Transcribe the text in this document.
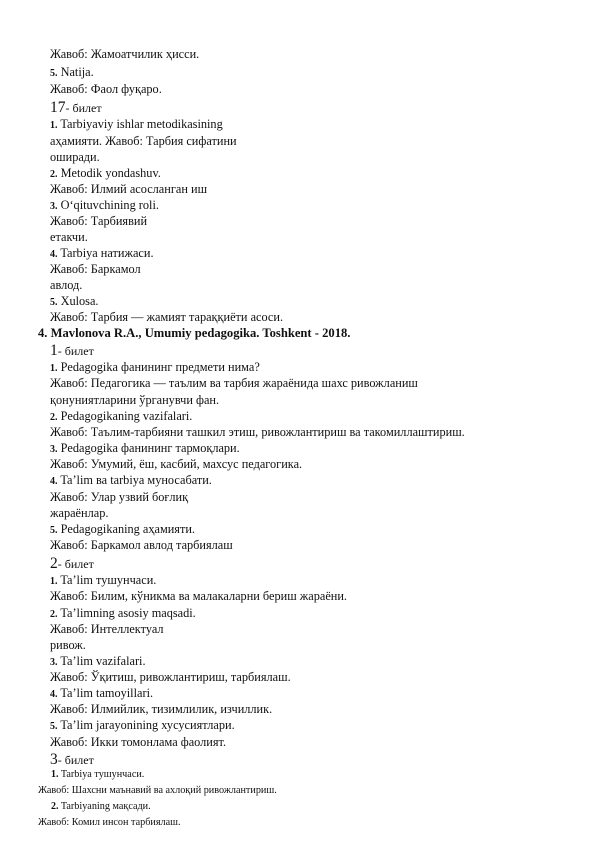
Жавоб: Жамоатчилик ҳисси.
5. Natija.
Жавоб: Фаол фуқаро.
17- билет
1. Tarbiyaviy ishlar metodikasining
аҳамияти. Жавоб: Тарбия сифатини
оширади.
2. Metodik yondashuv.
Жавоб: Илмий асосланган иш
3. O‘qituvchining roli.
Жавоб: Тарбиявий
етакчи.
4. Tarbiya натижаси.
Жавоб: Баркамол
авлод.
5. Xulosa.
Жавоб: Тарбия — жамият тараққиёти асоси.
4. Mavlonova R.A., Umumiy pedagogika. Toshkent - 2018.
1- билет
1. Pedagogika фанининг предмети нима?
Жавоб: Педагогика — таълим ва тарбия жараёнида шахс ривожланиш
қонуниятларини ўрганувчи фан.
2. Pedagogikaning vazifalari.
Жавоб: Таълим-тарбияни ташкил этиш, ривожлантириш ва такомиллаштириш.
3. Pedagogika фанининг тармоқлари.
Жавоб: Умумий, ёш, касбий, махсус педагогика.
4. Ta’lim ва tarbiya муносабати.
Жавоб: Улар узвий боғлиқ
жараёнлар.
5. Pedagogikaning аҳамияти.
Жавоб: Баркамол авлод тарбиялаш
2- билет
1. Ta’lim тушунчаси.
Жавоб: Билим, кўникма ва малакаларни бериш жараёни.
2. Ta’limning asosiy maqsadi.
Жавоб: Интеллектуал
ривож.
3. Ta’lim vazifalari.
Жавоб: Ўқитиш, ривожлантириш, тарбиялаш.
4. Ta’lim tamoyillari.
Жавоб: Илмийлик, тизимлилик, изчиллик.
5. Ta’lim jarayonining хусусиятлари.
Жавоб: Икки томонлама фаолият.
3- билет
1. Tarbiya тушунчаси.
Жавоб: Шахсни маънавий ва ахлоқий ривожлантириш.
2. Tarbiyaning мақсади.
Жавоб: Комил инсон тарбиялаш.
